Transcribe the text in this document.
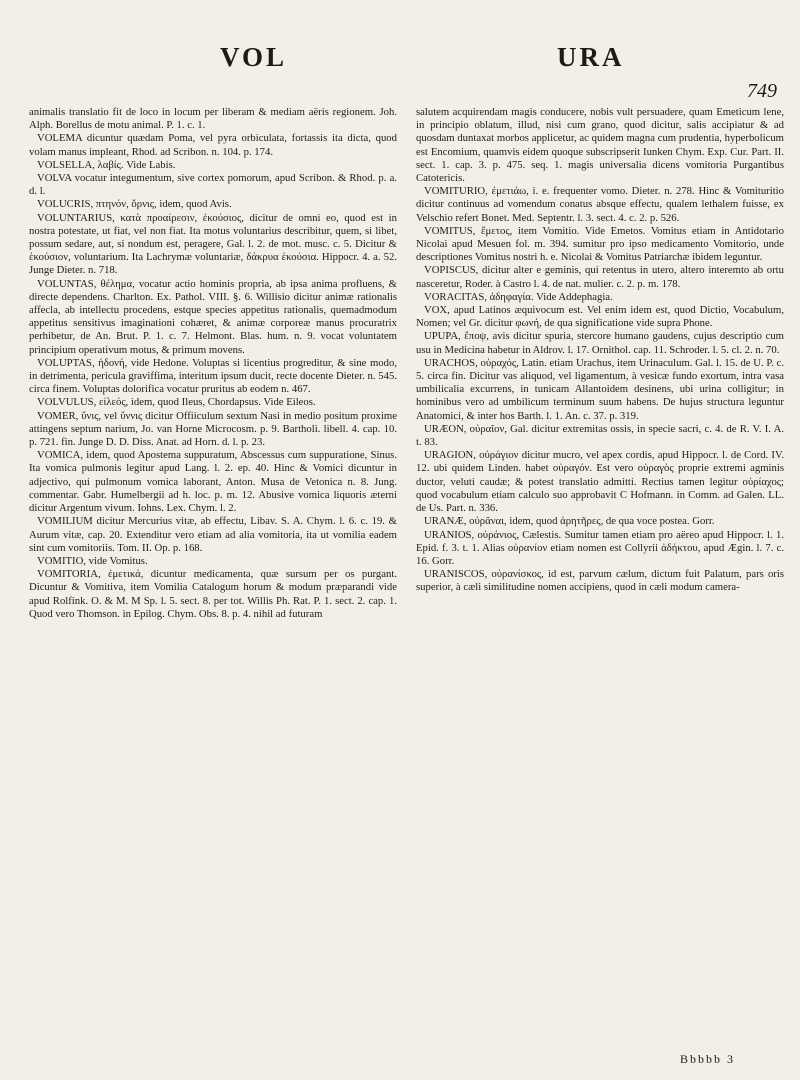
VOL	URA
749

animalis translatio fit de loco in locum per liberam & mediam aëris regionem. Joh. Alph. Borellus de motu animal. P. 1. c. 1.

VOLEMA dicuntur quædam Poma, vel pyra orbiculata, fortassis ita dicta, quod volam manus impleant, Rhod. ad Scribon. n. 104. p. 174.

VOLSELLA, λαβίς. Vide Labis.

VOLVA vocatur integumentum, sive cortex pomorum, apud Scribon. & Rhod. p. a. d. l.

VOLUCRIS, πτηνόν, ὄρνις, idem, quod Avis.

VOLUNTARIUS, κατὰ προαίρεσιν, ἑκούσιος, dicitur de omni eo, quod est in nostra potestate, ut fiat, vel non fiat. Ita motus voluntarius describitur, quem, si libet, possum sedare, aut, si nondum est, peragere, Gal. l. 2. de mot. musc. c. 5. Dicitur & ἑκούσιον, voluntarium. Ita Lachrymæ voluntariæ, δάκρυα ἑκούσια. Hippocr. 4. a. 52. Junge Dieter. n. 718.

VOLUNTAS, θέλημα, vocatur actio hominis propria, ab ipsa anima profluens, & directe dependens. Charlton. Ex. Pathol. VIII. §. 6. Willisio dicitur animæ rationalis affecla, ab intellectu procedens, estque species appetitus rationalis, quemadmodum appetitus sensitivus imaginationi cohæret, & animæ corporeæ manus procuratrix perhibetur, de An. Brut. P. 1. c. 7. Helmont. Blas. hum. n. 9. vocat voluntatem principium operativum motus, & primum movens.

VOLUPTAS, ἡδονή, vide Hedone. Voluptas si licentius progreditur, & sine modo, in detrimenta, pericula graviffima, interitum ipsum ducit, recte docente Dieter. n. 545. circa finem. Voluptas dolorifica vocatur pruritus ab eodem n. 467.

VOLVULUS, εἰλεός, idem, quod Ileus, Chordapsus. Vide Eileos.

VOMER, ὕνις, vel ὕννις dicitur Offiiculum sextum Nasi in medio positum proxime attingens septum narium, Jo. van Horne Microcosm. p. 9. Bartholi. libell. 4. cap. 10. p. 721. fin. Junge D. D. Diss. Anat. ad Horn. d. l. p. 23.

VOMICA, idem, quod Apostema suppuratum, Abscessus cum suppuratione, Sinus. Ita vomica pulmonis legitur apud Lang. l. 2. ep. 40. Hinc & Vomici dicuntur in adjectivo, qui pulmonum vomica laborant, Anton. Musa de Vetonica n. 8. Jung. commentar. Gabr. Humelbergii ad h. loc. p. m. 12. Abusive vomica liquoris æterni dicitur Argentum vivum. Iohns. Lex. Chym. l. 2.

VOMILIUM dicitur Mercurius vitæ, ab effectu, Libav. S. A. Chym. l. 6. c. 19. & Aurum vitæ, cap. 20. Extenditur vero etiam ad alia vomitoria, ita ut vomilia eadem sint cum vomitoriis. Tom. II. Op. p. 168.

VOMITIO, vide Vomitus.

VOMITORIA, ἐμετικά, dicuntur medicamenta, quæ sursum per os purgant. Dicuntur & Vomitiva, item Vomilia Catalogum horum & modum præparandi vide apud Rolfink. O. & M. M Sp. l. 5. sect. 8. per tot. Willis Ph. Rat. P. 1. sect. 2. cap. 1. Quod vero Thomson. in Epilog. Chym. Obs. 8. p. 4. nihil ad futuram

salutem acquirendam magis conducere, nobis vult persuadere, quam Emeticum lene, in principio oblatum, illud, nisi cum grano, quod dicitur, salis accipiatur & ad quosdam duntaxat morbos applicetur, ac quidem magna cum prudentia, hyperbolicum est Encomium, quamvis eidem quoque subscripserit Iunken Chym. Exp. Cur. Part. II. sect. 1. cap. 3. p. 475. seq. 1. magis universalia dicens vomitoria Purgantibus Catotericis.

VOMITURIO, ἐμετιάω, i. e. frequenter vomo. Dieter. n. 278. Hinc & Vomituritio dicitur continuus ad vomendum conatus absque effectu, qualem lethalem fuisse, ex Velschio refert Bonet. Med. Septentr. l. 3. sect. 4. c. 2. p. 526.

VOMITUS, ἔμετος, item Vomitio. Vide Emetos. Vomitus etiam in Antidotario Nicolai apud Mesuen fol. m. 394. sumitur pro ipso medicamento Vomitorio, unde descriptiones Vomitus nostri h. e. Nicolai & Vomitus Patriarchæ ibidem leguntur.

VOPISCUS, dicitur alter e geminis, qui retentus in utero, altero interemto ab ortu nasceretur, Roder. à Castro l. 4. de nat. mulier. c. 2. p. m. 178.

VORACITAS, ἀδηφαγία. Vide Addephagia.

VOX, apud Latinos æquivocum est. Vel enim idem est, quod Dictio, Vocabulum, Nomen; vel Gr. dicitur φωνή, de qua significatione vide supra Phone.

UPUPA, ἔποψ, avis dicitur spuria, stercore humano gaudens, cujus descriptio cum usu in Medicina habetur in Aldrov. l. 17. Ornithol. cap. 11. Schroder. l. 5. cl. 2. n. 70.

URACHOS, οὐραχός, Latin. etiam Urachus, item Urinaculum. Gal. l. 15. de U. P. c. 5. circa fin. Dicitur vas aliquod, vel ligamentum, à vesicæ fundo exortum, intra vasa umbilicalia excurrens, in tunicam Allantoidem desinens, ubi urina colligitur; in hominibus vero ad umbilicum terminum suum habens. De hujus structura leguntur Anatomici, & inter hos Barth. l. 1. An. c. 37. p. 319.

URÆON, οὐραῖον, Gal. dicitur extremitas ossis, in specie sacri, c. 4. de R. V. I. A. t. 83.

URAGION, οὐράγιον dicitur mucro, vel apex cordis, apud Hippocr. l. de Cord. IV. 12. ubi quidem Linden. habet οὐραγόν. Est vero οὐραγὸς proprie extremi agminis ductor, veluti caudæ; & potest translatio admitti. Rectius tamen legitur οὐρίαχος; quod vocabulum etiam calculo suo approbavit C Hofmann. in Comm. ad Galen. LL. de Us. Part. n. 336.

URANÆ, οὐρᾶναι, idem, quod ἀρητῆρες, de qua voce postea. Gorr.

URANIOS, οὐράνιος, Cælestis. Sumitur tamen etiam pro aëreo apud Hippocr. l. 1. Epid. f. 3. t. 1. Alias οὐρανίον etiam nomen est Collyrii ἀδήκτου, apud Ægin. l. 7. c. 16. Gorr.

URANISCOS, οὐρανίσκος, id est, parvum cælum, dictum fuit Palatum, pars oris superior, à cæli similitudine nomen accipiens, quod in cæli modum camera-

Bbbbb 3
